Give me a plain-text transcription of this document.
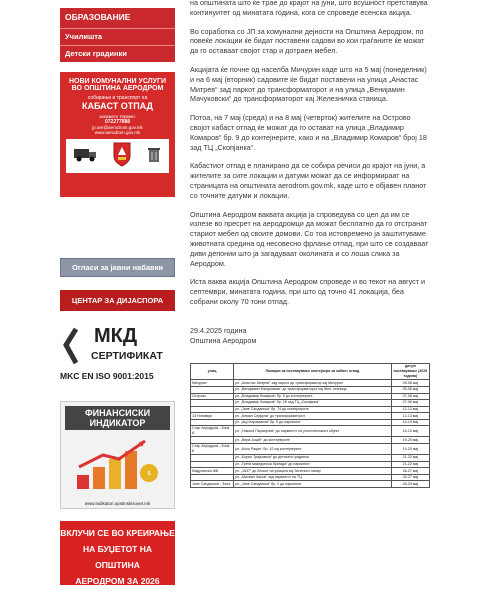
ОБРАЗОВАНИЕ
Училишта
Детски градинки
НОВИ КОМУНАЛНИ УСЛУГИ
ВО ОПШТИНА АЕРОДРОМ
собирање и транспорт на
КАБАСТ ОТПАД
закажете термин:
072277888
jp.aer@aerodrom.gov.mk
www.aerodrom.gov.mk
Огласи за јавни набавки
ЦЕНТАР ЗА ДИЈАСПОРА
МКД
СЕРТИФИКАТ
MKC EN ISO 9001:2015
ФИНАНСИСКИ
ИНДИКАТОР
$
www.indikatori.opstinskisovet.mk
ВКЛУЧИ СЕ ВО КРЕИРАЊЕ
НА БУЏЕТОТ НА ОПШТИНА
АЕРОДРОМ ЗА 2026 ГОДИНА

на општината што ќе трае до крајот на јуни, што всушност претставува континуитет од минатата година, кога се спроведе есенска акција.

Во соработка со ЈП за комунални дејности на Општина Аеродром, по повеќе локации ќе бидат поставени садови во кои граѓаните ќе можат да го оставаат својот стар и дотраен мебел.

Акцијата ќе почне од населба Мичурин каде што на 5 мај (понеделник) и на 6 мај (вторник) садовите ќе бидат поставени на улица „Анастас Митрев“ зад паркот до трансформаторот и на улица „Венијамин Мачуковски“ до трансформаторот кај Железничка станица.

Потоа, на 7 мај (среда) и на 8 мај (четврток) жителите на Острово својот кабаст отпад ќе можат да го остават на улица „Владимир Комаров“ бр. 9 до контејнерите, како и на „Владимир Комаров“ број 18 зад ТЦ „Скопјанка“.

Кабастиот отпад е планирано да се собира речиси до крајот на јуни, а жителите за сите локации и датуми можат да се информираат на страницата на општината aerodrom.gov.mk, каде што е објавен планот со точните датуми и локации.

Општина Аеродром ваквата акција ја спроведува со цел да им се излезе во пресрет на аеродромци да можат бесплатно да го отстранат стариот мебел од своите домови. Со тоа истовремено ја заштитуваме животната средина од несовесно фрлање отпад, при што се создаваат диви депонии што ја загадуваат околината и со лоша слика за Аеродром.

Иста ваква акција Општина Аеродром спроведе и во текот на август и септември, минатата година, при што од точно 41 локација, беа собрани околу 70 тони отпад.

29.4.2025 година
Општина Аеродром
улиц	Локации за поставување контејнери за кабаст отпад	датум поставување (2025 година)
Мичурин	ул. „Анастас Митрев“ зад паркот до трансформатор кај Мичурин	05-06 мај
	ул. „Венијамин Мачуковски“ до трансформаторот кај Жел. станица	05-06 мај
Острово	ул. „Владимир Комаров“ бр. 9 до контејнерите	07-08 мај
	ул. „Владимир Комаров“ бр. 18 зад ТЦ „Скопјанка“	07-08 мај
	ул. „Јане Сандански“ бр. 74 до контејнерите	12-13 мај
13 Ноември	ул. „Кемал Сејфула“ до трансформаторот	12-13 мај
	ул. „Ацо Караманов“ бр. 6 до паркингот	14-15 мај
Стар Аеродром - Зона А	ул. „Никола Парапунов“ до паркингот на угостителскиот објект	14-15 мај
	ул. „Вера Јоцић“ до контејнерите	19-20 мај
Стар Аеродром - Зона Б	ул. „Кочо Рацин“ бр. 42 кај контејнерите	19-20 мај
	ул. „Борис Трајковски“ до детската градинка	21-22 мај
	ул. „Трета македонска бригада“ до паркингот	21-22 мај
Мадуганска ЖБ	ул. „1637“ до блокот на улицата кај Зелениот пазар	26-27 мај
	ул. „Михаил Чаков“ зад паркингот на ТЦ	26-27 мај
Јане Сандански - Зона	ул. „Јане Сандански“ бр. 2 до паркингот	28-29 мај
